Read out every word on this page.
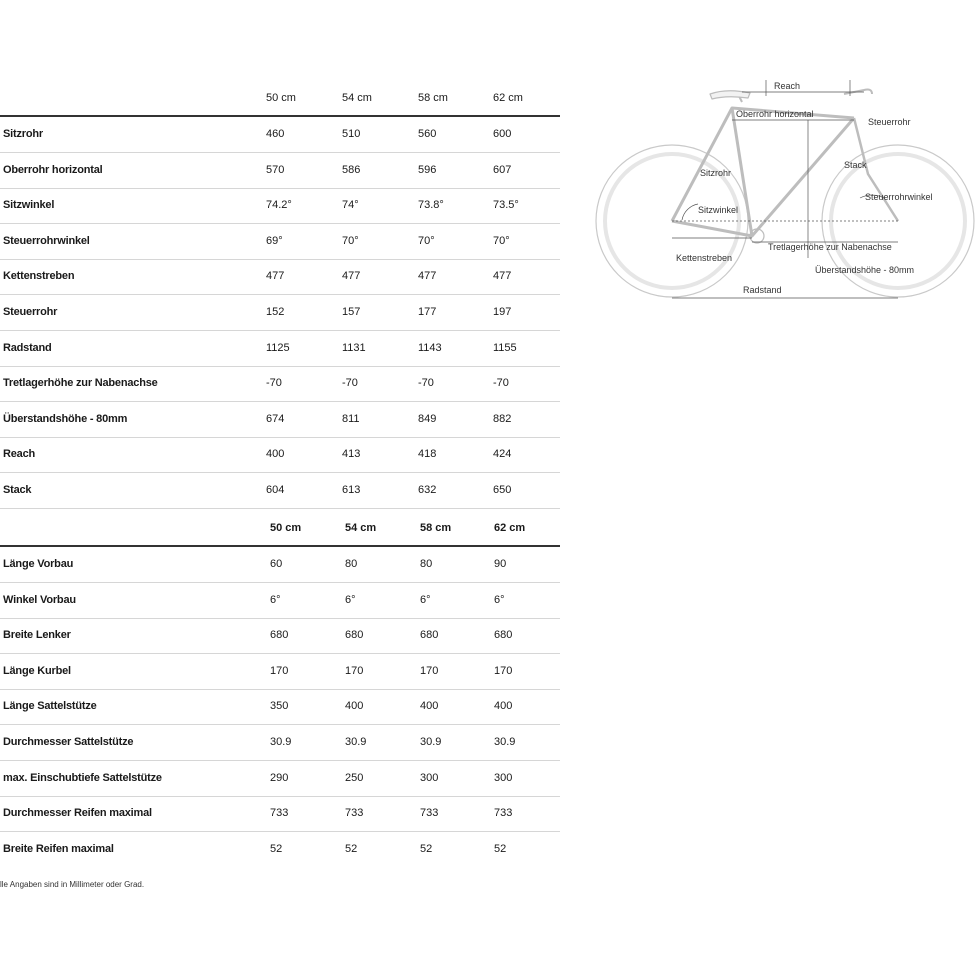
50 cm	54 cm	58 cm	62 cm
Sitzrohr	460	510	560	600
Oberrohr horizontal	570	586	596	607
Sitzwinkel	74.2°	74°	73.8°	73.5°
Steuerrohrwinkel	69°	70°	70°	70°
Kettenstreben	477	477	477	477
Steuerrohr	152	157	177	197
Radstand	1125	1131	1143	1155
Tretlagerhöhe zur Nabenachse	-70	-70	-70	-70
Überstandshöhe - 80mm	674	811	849	882
Reach	400	413	418	424
Stack	604	613	632	650
50 cm	54 cm	58 cm	62 cm
Länge Vorbau	60	80	80	90
Winkel Vorbau	6°	6°	6°	6°
Breite Lenker	680	680	680	680
Länge Kurbel	170	170	170	170
Länge Sattelstütze	350	400	400	400
Durchmesser Sattelstütze	30.9	30.9	30.9	30.9
max. Einschubtiefe Sattelstütze	290	250	300	300
Durchmesser Reifen maximal	733	733	733	733
Breite Reifen maximal	52	52	52	52
lle Angaben sind in Millimeter oder Grad.
Reach
Oberrohr horizontal
Steuerrohr
Sitzrohr
Stack
Steuerrohrwinkel
Sitzwinkel
Tretlagerhöhe zur Nabenachse
Kettenstreben
Überstandshöhe - 80mm
Radstand
